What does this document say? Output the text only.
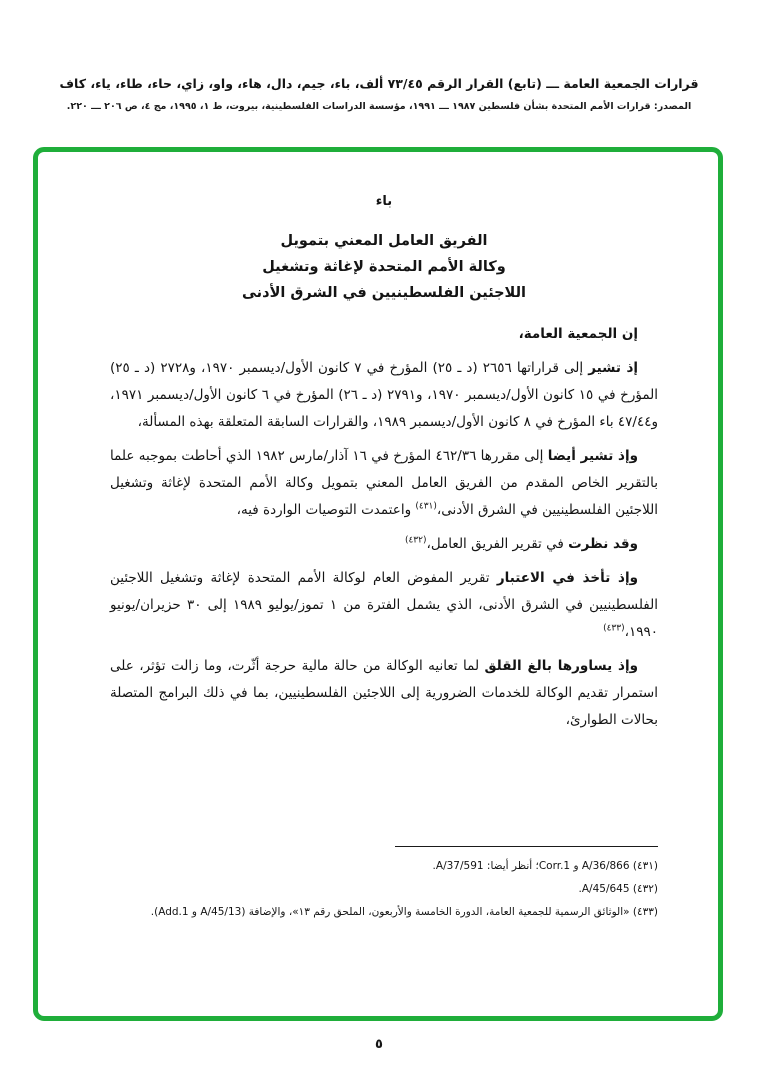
قرارات الجمعية العامة ـــ (تابع) القرار الرقم ٧٣/٤٥ ألف، باء، جيم، دال، هاء، واو، زاي، حاء، طاء، ياء، كاف
المصدر: قرارات الأمم المتحدة بشأن فلسطين ١٩٨٧ ـــ ١٩٩١، مؤسسة الدراسات الفلسطينية، بيروت، ط ١، ١٩٩٥، مج ٤، ص ٢٠٦ ـــ ٢٢٠.
باء
الفريق العامل المعني بتمويل
وكالة الأمم المتحدة لإغاثة وتشغيل
اللاجئين الفلسطينيين في الشرق الأدنى

إن الجمعية العامة،

إذ تشير إلى قراراتها ٢٦٥٦ (د ـ ٢٥) المؤرخ في ٧ كانون الأول/ديسمبر ١٩٧٠، و٢٧٢٨ (د ـ ٢٥) المؤرخ في ١٥ كانون الأول/ديسمبر ١٩٧٠، و٢٧٩١ (د ـ ٢٦) المؤرخ في ٦ كانون الأول/ديسمبر ١٩٧١، و٤٧/٤٤ باء المؤرخ في ٨ كانون الأول/ديسمبر ١٩٨٩، والقرارات السابقة المتعلقة بهذه المسألة،

وإذ تشير أيضا إلى مقررها ٤٦٢/٣٦ المؤرخ في ١٦ آذار/مارس ١٩٨٢ الذي أحاطت بموجبه علما بالتقرير الخاص المقدم من الفريق العامل المعني بتمويل وكالة الأمم المتحدة لإغاثة وتشغيل اللاجئين الفلسطينيين في الشرق الأدنى،$^{(٤٣١)}$ واعتمدت التوصيات الواردة فيه،

وقد نظرت في تقرير الفريق العامل،$^{(٤٣٢)}$

وإذ تأخذ في الاعتبار تقرير المفوض العام لوكالة الأمم المتحدة لإغاثة وتشغيل اللاجئين الفلسطينيين في الشرق الأدنى، الذي يشمل الفترة من ١ تموز/يوليو ١٩٨٩ إلى ٣٠ حزيران/يونيو ١٩٩٠،$^{(٤٣٣)}$

وإذ يساورها بالغ القلق لما تعانيه الوكالة من حالة مالية حرجة أثّرت، وما زالت تؤثر، على استمرار تقديم الوكالة للخدمات الضرورية إلى اللاجئين الفلسطينيين، بما في ذلك البرامج المتصلة بحالات الطوارئ،

(٤٣١) A/36/866 و Corr.1؛ أنظر أيضا: A/37/591.

(٤٣٢) A/45/645.

(٤٣٣) «الوثائق الرسمية للجمعية العامة، الدورة الخامسة والأربعون، الملحق رقم ١٣»، والإضافة (A/45/13 و Add.1).

٥
